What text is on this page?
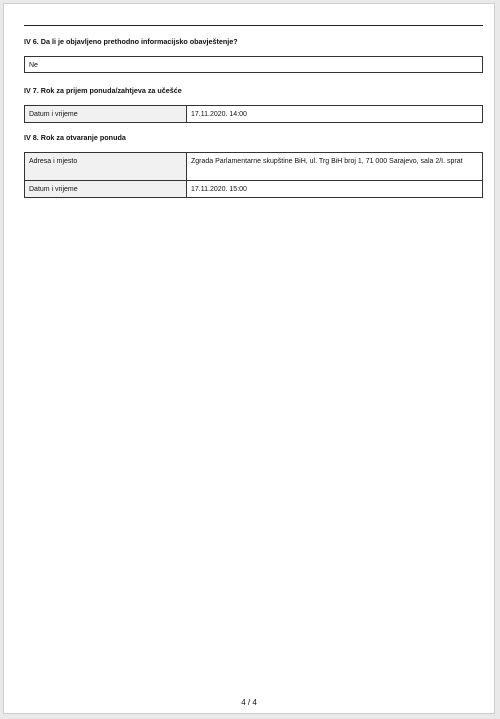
IV 6. Da li je objavljeno prethodno informacijsko obavještenje?
Ne
IV 7. Rok za prijem ponuda/zahtjeva za učešće
Datum i vrijeme	17.11.2020. 14:00
IV 8. Rok za otvaranje ponuda
Adresa i mjesto	Zgrada Parlamentarne skupštine BiH, ul. Trg BiH broj 1, 71 000 Sarajevo, sala 2/I. sprat
Datum i vrijeme	17.11.2020. 15:00
4 / 4
